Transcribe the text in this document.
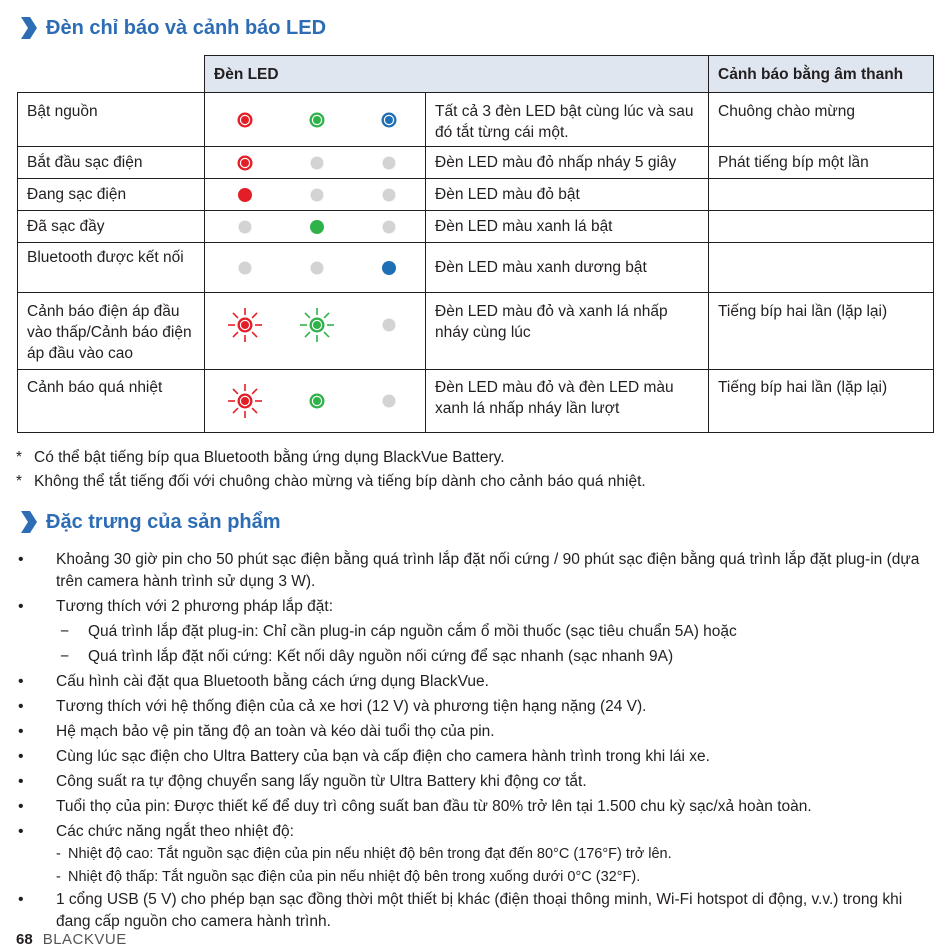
Đèn chỉ báo và cảnh báo LED
	Đèn LED		Cảnh báo bằng âm thanh
Bật nguồn		Tất cả 3 đèn LED bật cùng lúc và sau đó tắt từng cái một.	Chuông chào mừng
Bắt đầu sạc điện		Đèn LED màu đỏ nhấp nháy 5 giây	Phát tiếng bíp một lần
Đang sạc điện		Đèn LED màu đỏ bật	
Đã sạc đầy		Đèn LED màu xanh lá bật	
Bluetooth được kết nối		Đèn LED màu xanh dương bật	
Cảnh báo điện áp đầu vào thấp/Cảnh báo điện áp đầu vào cao		Đèn LED màu đỏ và xanh lá nhấp nháy cùng lúc	Tiếng bíp hai lần (lặp lại)
Cảnh báo quá nhiệt		Đèn LED màu đỏ và đèn LED màu xanh lá nhấp nháy lần lượt	Tiếng bíp hai lần (lặp lại)
* Có thể bật tiếng bíp qua Bluetooth bằng ứng dụng BlackVue Battery.
* Không thể tắt tiếng đối với chuông chào mừng và tiếng bíp dành cho cảnh báo quá nhiệt.
Đặc trưng của sản phẩm
•	Khoảng 30 giờ pin cho 50 phút sạc điện bằng quá trình lắp đặt nối cứng / 90 phút sạc điện bằng quá trình lắp đặt plug-in (dựa trên camera hành trình sử dụng 3 W).
•	Tương thích với 2 phương pháp lắp đặt:
−	Quá trình lắp đặt plug-in: Chỉ cần plug-in cáp nguồn cắm ổ mồi thuốc (sạc tiêu chuẩn 5A) hoặc
−	Quá trình lắp đặt nối cứng: Kết nối dây nguồn nối cứng để sạc nhanh (sạc nhanh 9A)
•	Cấu hình cài đặt qua Bluetooth bằng cách ứng dụng BlackVue.
•	Tương thích với hệ thống điện của cả xe hơi (12 V) và phương tiện hạng nặng (24 V).
•	Hệ mạch bảo vệ pin tăng độ an toàn và kéo dài tuổi thọ của pin.
•	Cùng lúc sạc điện cho Ultra Battery của bạn và cấp điện cho camera hành trình trong khi lái xe.
•	Công suất ra tự động chuyển sang lấy nguồn từ Ultra Battery khi động cơ tắt.
•	Tuổi thọ của pin: Được thiết kế để duy trì công suất ban đầu từ 80% trở lên tại 1.500 chu kỳ sạc/xả hoàn toàn.
•	Các chức năng ngắt theo nhiệt độ:
- Nhiệt độ cao: Tắt nguồn sạc điện của pin nếu nhiệt độ bên trong đạt đến 80°C (176°F) trở lên.
- Nhiệt độ thấp: Tắt nguồn sạc điện của pin nếu nhiệt độ bên trong xuống dưới 0°C (32°F).
•	1 cổng USB (5 V) cho phép bạn sạc đồng thời một thiết bị khác (điện thoại thông minh, Wi-Fi hotspot di động, v.v.) trong khi đang cấp nguồn cho camera hành trình.
68 BLACKVUE
